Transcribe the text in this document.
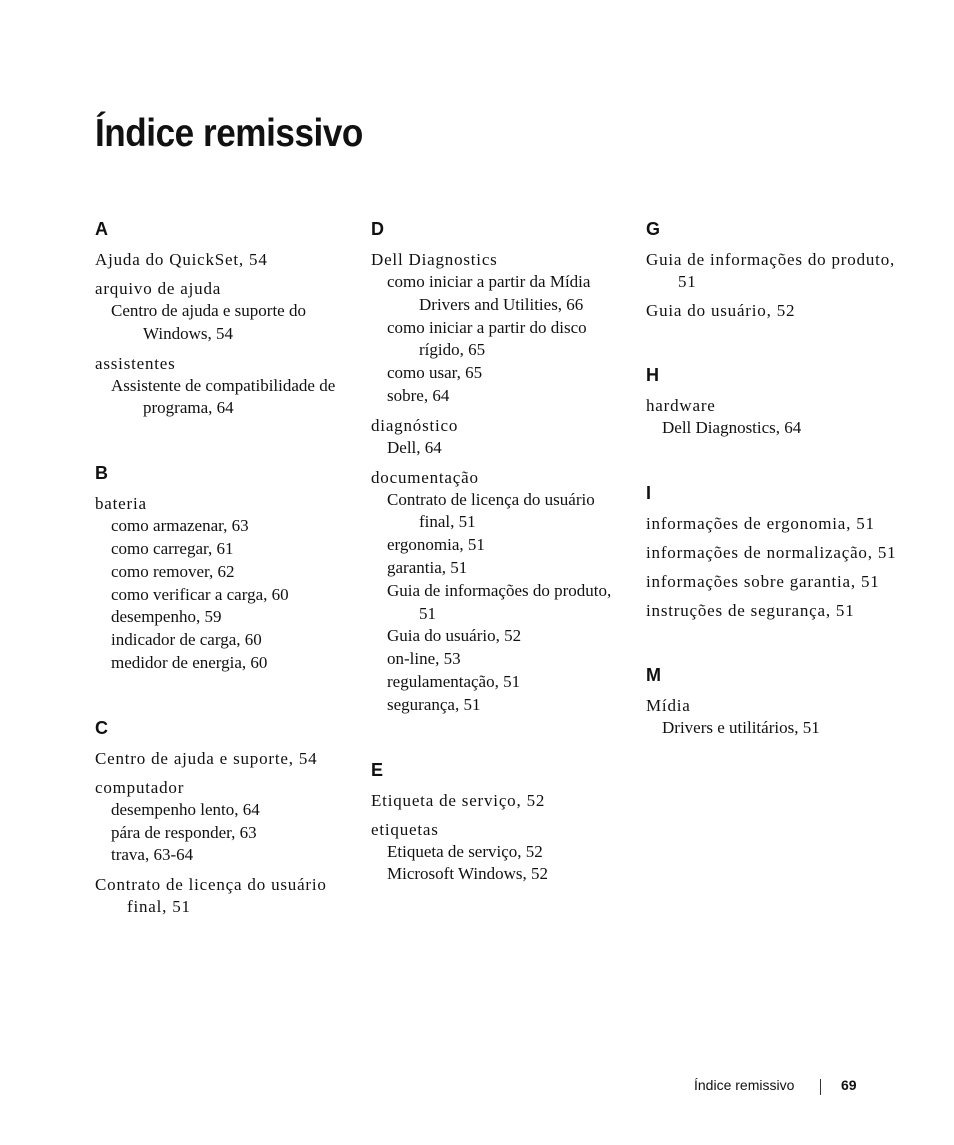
Índice remissivo
A
Ajuda do QuickSet, 54
arquivo de ajuda
Centro de ajuda e suporte do Windows, 54
assistentes
Assistente de compatibilidade de programa, 64
B
bateria
como armazenar, 63
como carregar, 61
como remover, 62
como verificar a carga, 60
desempenho, 59
indicador de carga, 60
medidor de energia, 60
C
Centro de ajuda e suporte, 54
computador
desempenho lento, 64
pára de responder, 63
trava, 63-64
Contrato de licença do usuário final, 51
D
Dell Diagnostics
como iniciar a partir da Mídia Drivers and Utilities, 66
como iniciar a partir do disco rígido, 65
como usar, 65
sobre, 64
diagnóstico
Dell, 64
documentação
Contrato de licença do usuário final, 51
ergonomia, 51
garantia, 51
Guia de informações do produto, 51
Guia do usuário, 52
on-line, 53
regulamentação, 51
segurança, 51
E
Etiqueta de serviço, 52
etiquetas
Etiqueta de serviço, 52
Microsoft Windows, 52
G
Guia de informações do produto, 51
Guia do usuário, 52
H
hardware
Dell Diagnostics, 64
I
informações de ergonomia, 51
informações de normalização, 51
informações sobre garantia, 51
instruções de segurança, 51
M
Mídia
Drivers e utilitários, 51
Índice remissivo	69
